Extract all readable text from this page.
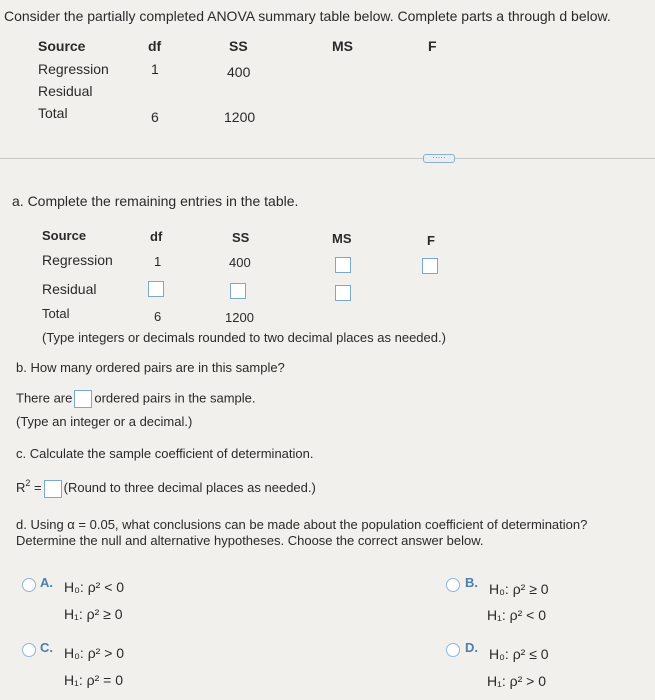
Consider the partially completed ANOVA summary table below. Complete parts a through d below.
Source	df	SS	MS	F
Regression	1	400
Residual
Total	6	1200
·····
a. Complete the remaining entries in the table.
Source	df	SS	MS	F
Regression	1	400
Residual
Total	6	1200
(Type integers or decimals rounded to two decimal places as needed.)
b. How many ordered pairs are in this sample?
There are ordered pairs in the sample.
(Type an integer or a decimal.)
c. Calculate the sample coefficient of determination.
$R^2$ = (Round to three decimal places as needed.)
d. Using α = 0.05, what conclusions can be made about the population coefficient of determination?
Determine the null and alternative hypotheses. Choose the correct answer below.
A. H₀: ρ² < 0
H₁: ρ² ≥ 0
B. H₀: ρ² ≥ 0
H₁: ρ² < 0
C. H₀: ρ² > 0
H₁: ρ² = 0
D. H₀: ρ² ≤ 0
H₁: ρ² > 0
